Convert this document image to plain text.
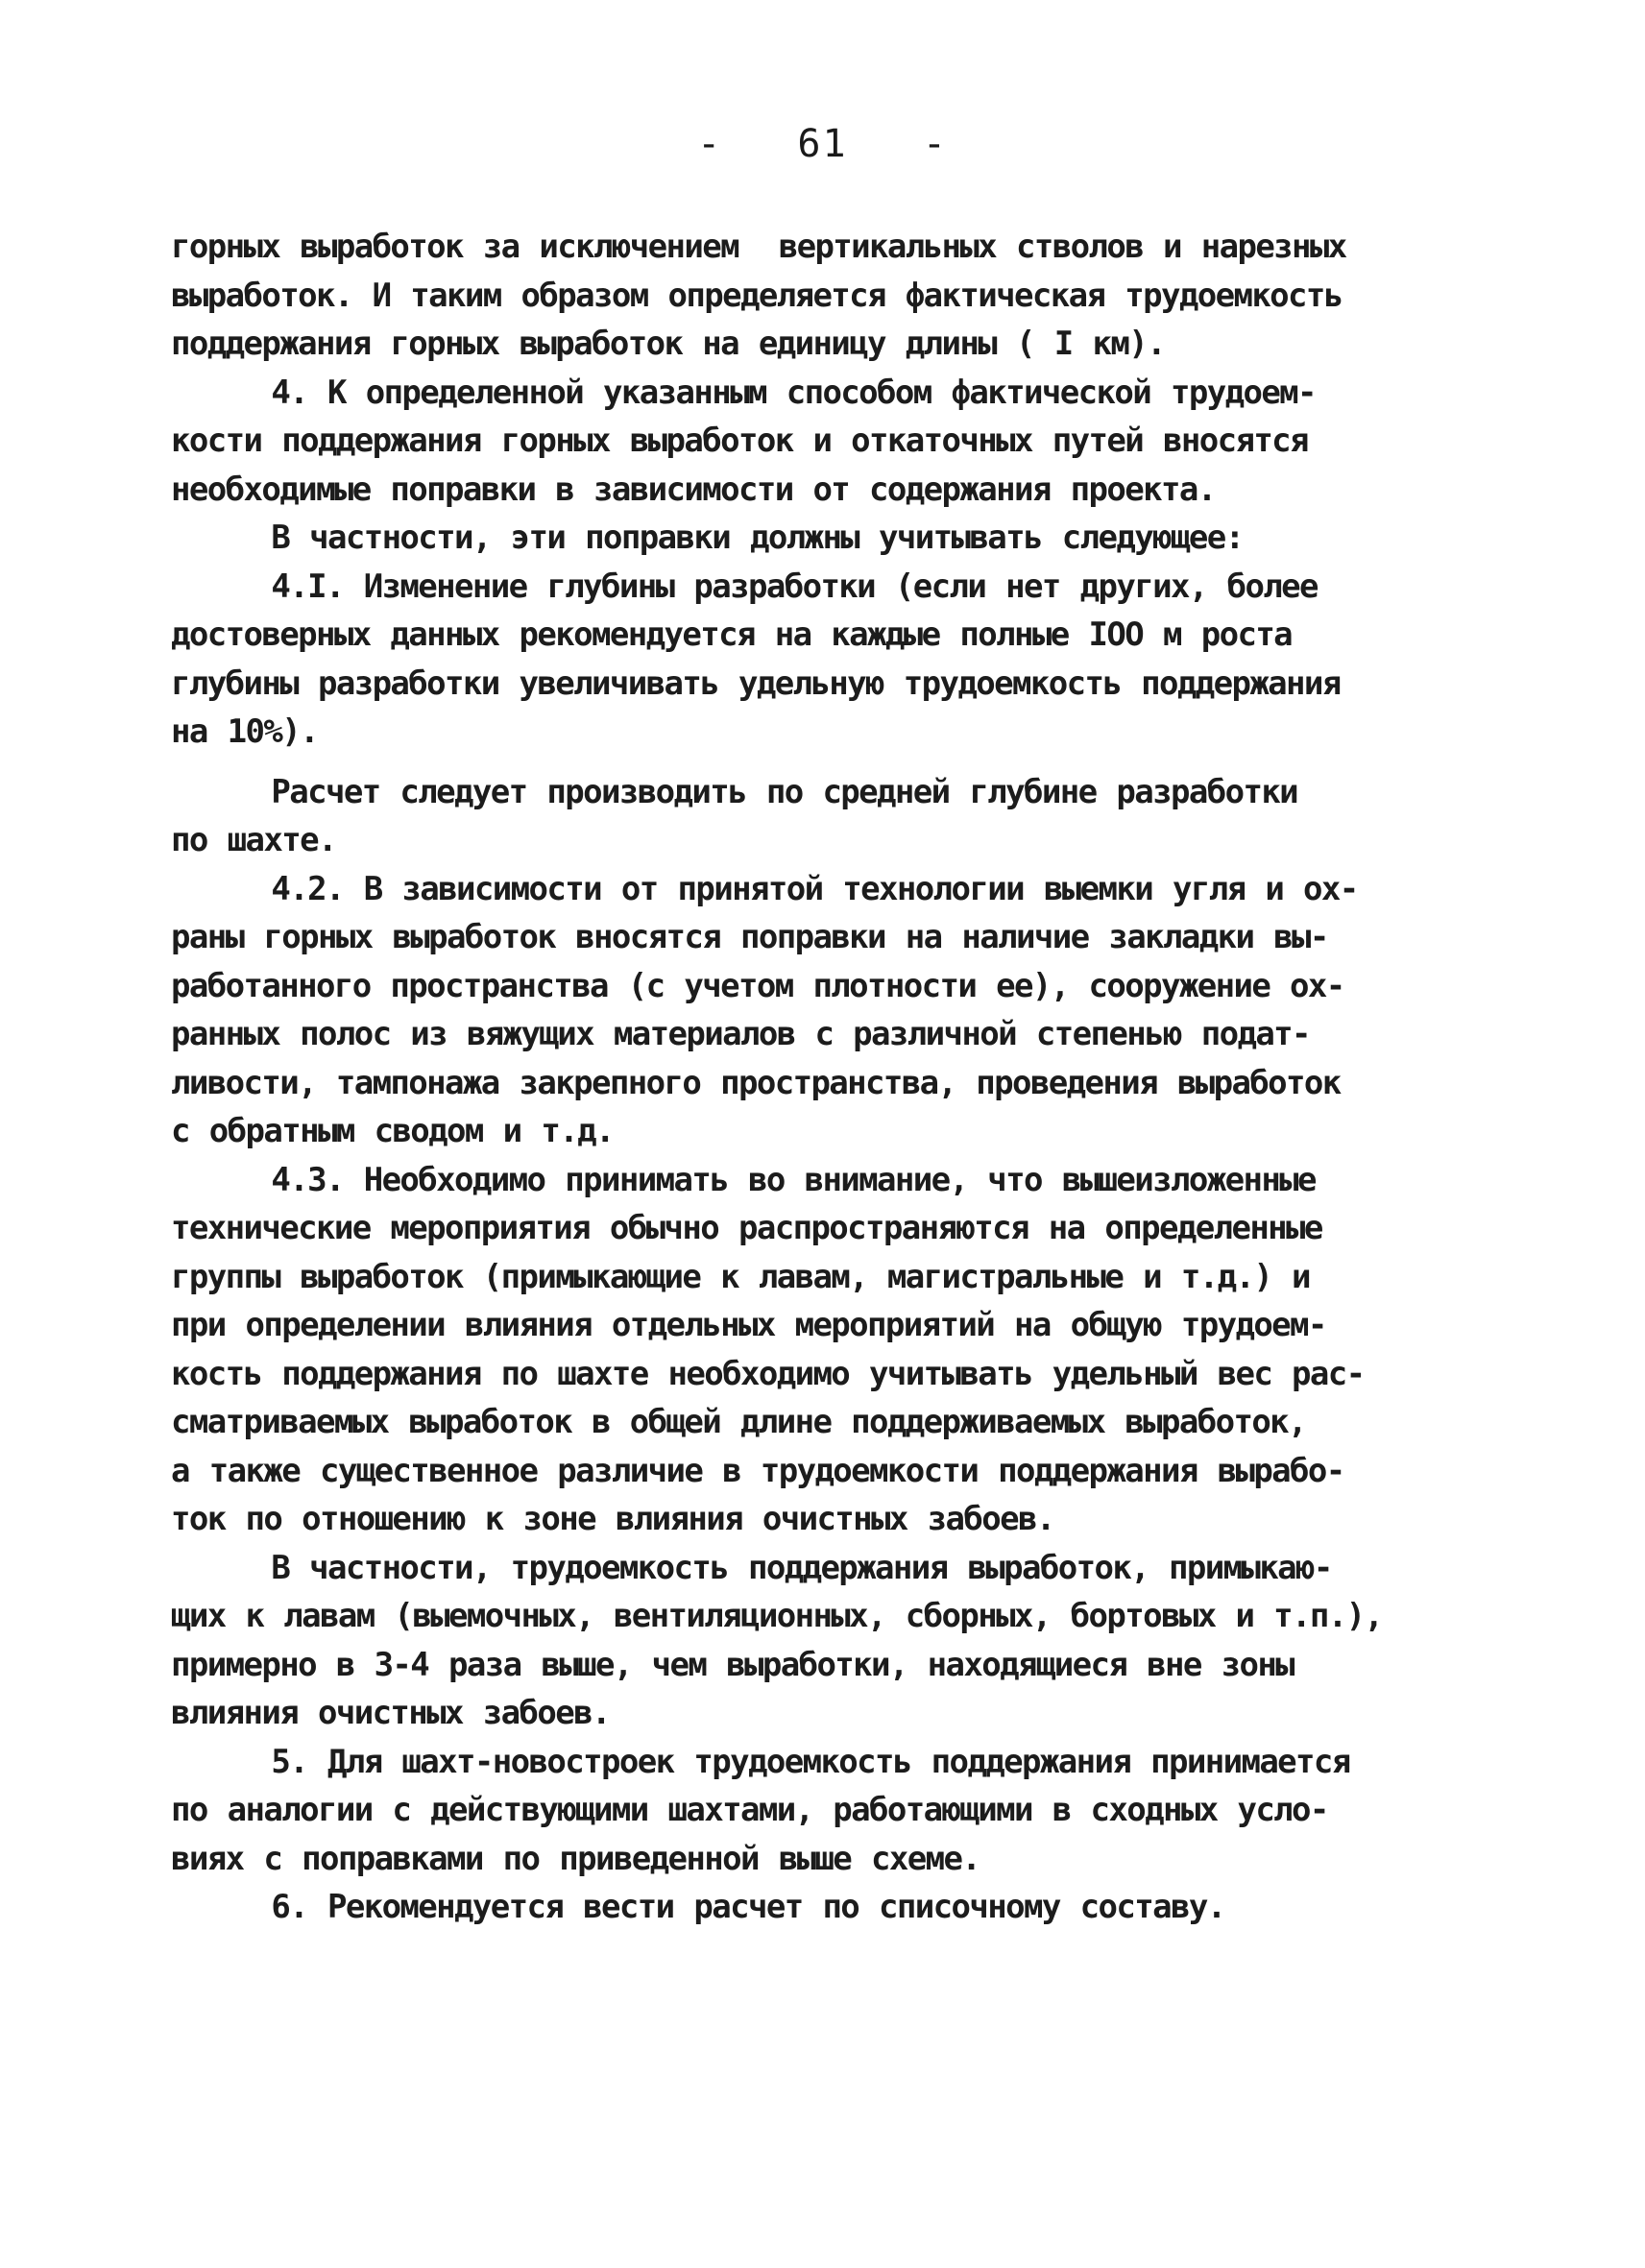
-   61   -
горных выработок за исключением  вертикальных стволов и нарезных
выработок. И таким образом определяется фактическая трудоемкость
поддержания горных выработок на единицу длины ( I км).
4. К определенной указанным способом фактической трудоем-
кости поддержания горных выработок и откаточных путей вносятся
необходимые поправки в зависимости от содержания проекта.
В частности, эти поправки должны учитывать следующее:
4.I. Изменение глубины разработки (если нет других, более
достоверных данных рекомендуется на каждые полные IOO м роста
глубины разработки увеличивать удельную трудоемкость поддержания
на 10%).
Расчет следует производить по средней глубине разработки
по шахте.
4.2. В зависимости от принятой технологии выемки угля и ох-
раны горных выработок вносятся поправки на наличие закладки вы-
работанного пространства (с учетом плотности ее), сооружение ох-
ранных полос из вяжущих материалов с различной степенью подат-
ливости, тампонажа закрепного пространства, проведения выработок
с обратным сводом и т.д.
4.3. Необходимо принимать во внимание, что вышеизложенные
технические мероприятия обычно распространяются на определенные
группы выработок (примыкающие к лавам, магистральные и т.д.) и
при определении влияния отдельных мероприятий на общую трудоем-
кость поддержания по шахте необходимо учитывать удельный вес рас-
сматриваемых выработок в общей длине поддерживаемых выработок,
а также существенное различие в трудоемкости поддержания вырабо-
ток по отношению к зоне влияния очистных забоев.
В частности, трудоемкость поддержания выработок, примыкаю-
щих к лавам (выемочных, вентиляционных, сборных, бортовых и т.п.),
примерно в 3-4 раза выше, чем выработки, находящиеся вне зоны
влияния очистных забоев.
5. Для шахт-новостроек трудоемкость поддержания принимается
по аналогии с действующими шахтами, работающими в сходных усло-
виях с поправками по приведенной выше схеме.
6. Рекомендуется вести расчет по списочному составу.
